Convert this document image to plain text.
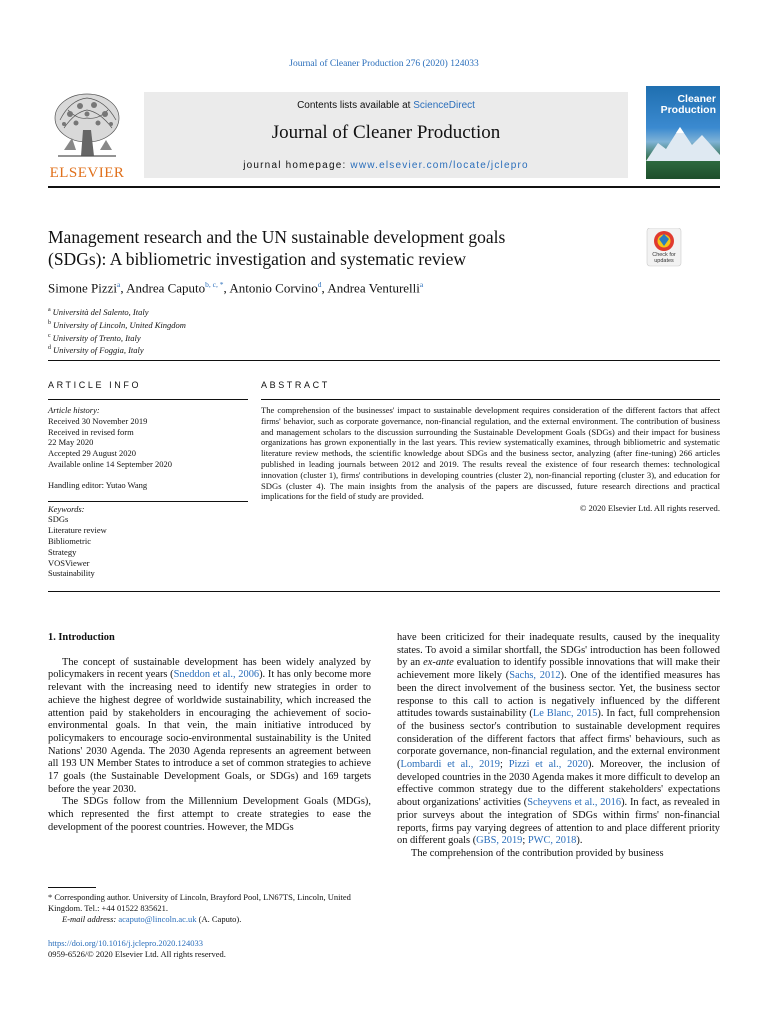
Journal of Cleaner Production 276 (2020) 124033
ELSEVIER
Contents lists available at ScienceDirect
Journal of Cleaner Production
journal homepage: www.elsevier.com/locate/jclepro
Cleaner
Production
Management research and the UN sustainable development goals
(SDGs): A bibliometric investigation and systematic review	Check for
updates
Simone Pizzi$^a$, Andrea Caputo$^{b, c, *}$, Antonio Corvino$^d$, Andrea Venturelli$^a$
$^a$ Università del Salento, Italy
$^b$ University of Lincoln, United Kingdom
$^c$ University of Trento, Italy
$^d$ University of Foggia, Italy
ARTICLE INFO	ABSTRACT
Article history:
Received 30 November 2019
Received in revised form
22 May 2020
Accepted 29 August 2020
Available online 14 September 2020
Handling editor: Yutao Wang
Keywords:
SDGs
Literature review
Bibliometric
Strategy
VOSViewer
Sustainability
The comprehension of the businesses' impact to sustainable development requires consideration of the different factors that affect firms' behavior, such as corporate governance, non-financial regulation, and the external environment. The contribution of business and management scholars to the discussion surrounding the Sustainable Development Goals (SDGs) and their impact for business organizations has grown exponentially in the last years. This review systematically examines, through bibliometric and systematic literature review methods, the scientific knowledge about SDGs and the business sector, analyzing (after fine-tuning) 266 articles published in leading journals between 2012 and 2019. The results reveal the existence of four research themes: technological innovation (cluster 1), firms' contributions in developing countries (cluster 2), non-financial reporting (cluster 3), and education for SDGs (cluster 4). The main insights from the analysis of the papers are discussed, future research directions and practical implications for the field of study are provided.
© 2020 Elsevier Ltd. All rights reserved.
1. Introduction

The concept of sustainable development has been widely analyzed by policymakers in recent years (Sneddon et al., 2006). It has only become more relevant with the increasing need to identify new strategies in order to achieve the highest degree of worldwide sustainability, which increased the attention paid by stakeholders in encouraging the achievement of socio-environmental goals. In that vein, the main initiative introduced by policymakers to encourage socio-environmental sustainability is the United Nations' 2030 Agenda. The 2030 Agenda represents an agreement between all 193 UN Member States to introduce a set of common strategies to achieve 17 goals (the Sustainable Development Goals, or SDGs) and 169 targets before the year 2030.

The SDGs follow from the Millennium Development Goals (MDGs), which represented the first attempt to create strategies to ease the development of the poorest countries. However, the MDGs

have been criticized for their inadequate results, caused by the inequality states. To avoid a similar shortfall, the SDGs' introduction has been followed by an ex-ante evaluation to identify possible innovations that will make their achievement more likely (Sachs, 2012). One of the identified measures has been the direct involvement of the business sector. Yet, the business sector response to this call to action is negatively influenced by the different attitudes towards sustainability (Le Blanc, 2015). In fact, full comprehension of the business sector's contribution to sustainable development requires consideration of the different factors that affect firms' behaviours, such as corporate governance, non-financial regulation, and the external environment (Lombardi et al., 2019; Pizzi et al., 2020). Moreover, the inclusion of developed countries in the 2030 Agenda makes it more difficult to develop an effective common strategy due to the different stakeholders' expectations about organizations' activities (Scheyvens et al., 2016). In fact, as revealed in prior surveys about the integration of SDGs within firms' non-financial reports, firms pay varying degrees of attention to and place different priority on different goals (GBS, 2019; PWC, 2018).

The comprehension of the contribution provided by business

* Corresponding author. University of Lincoln, Brayford Pool, LN67TS, Lincoln, United Kingdom. Tel.: +44 01522 835621.
E-mail address: acaputo@lincoln.ac.uk (A. Caputo).
https://doi.org/10.1016/j.jclepro.2020.124033
0959-6526/© 2020 Elsevier Ltd. All rights reserved.
